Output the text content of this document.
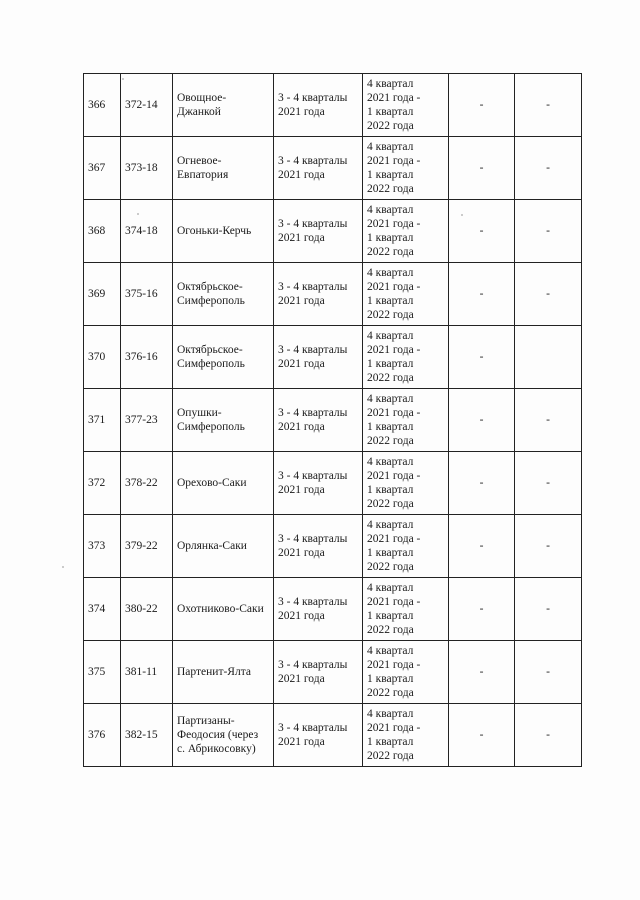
366	372-14	Овощное-
Джанкой	3 - 4 кварталы
2021 года	4 квартал
2021 года -
1 квартал
2022 года	-	-

367	373-18	Огневое-
Евпатория	3 - 4 кварталы
2021 года	4 квартал
2021 года -
1 квартал
2022 года	-	-

368	374-18	Огоньки-Керчь	3 - 4 кварталы
2021 года	4 квартал
2021 года -
1 квартал
2022 года	-	-

369	375-16	Октябрьское-
Симферополь	3 - 4 кварталы
2021 года	4 квартал
2021 года -
1 квартал
2022 года	-	-

370	376-16	Октябрьское-
Симферополь	3 - 4 кварталы
2021 года	4 квартал
2021 года -
1 квартал
2022 года	-	

371	377-23	Опушки-
Симферополь	3 - 4 кварталы
2021 года	4 квартал
2021 года -
1 квартал
2022 года	-	-

372	378-22	Орехово-Саки	3 - 4 кварталы
2021 года	4 квартал
2021 года -
1 квартал
2022 года	-	-

373	379-22	Орлянка-Саки	3 - 4 кварталы
2021 года	4 квартал
2021 года -
1 квартал
2022 года	-	-

374	380-22	Охотниково-Саки	3 - 4 кварталы
2021 года	4 квартал
2021 года -
1 квартал
2022 года	-	-

375	381-11	Партенит-Ялта	3 - 4 кварталы
2021 года	4 квартал
2021 года -
1 квартал
2022 года	-	-

376	382-15	Партизаны-
Феодосия (через
с. Абрикосовку)	3 - 4 кварталы
2021 года	4 квартал
2021 года -
1 квартал
2022 года	-	-
